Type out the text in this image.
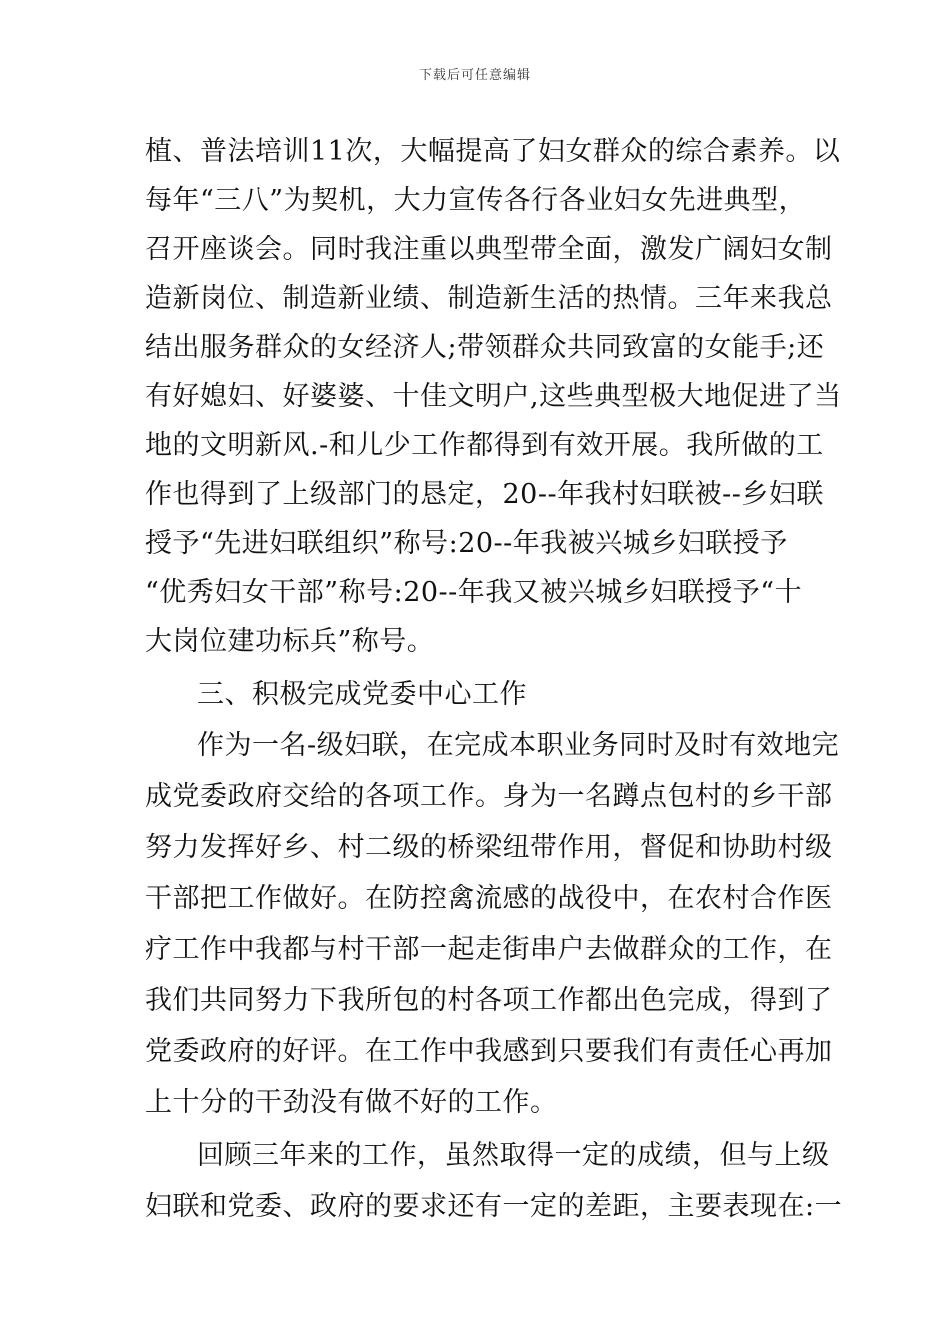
下载后可任意编辑
植、普法培训11次，大幅提高了妇女群众的综合素养。以
每年“三八”为契机，大力宣传各行各业妇女先进典型，
召开座谈会。同时我注重以典型带全面，激发广阔妇女制
造新岗位、制造新业绩、制造新生活的热情。三年来我总
结出服务群众的女经济人;带领群众共同致富的女能手;还
有好媳妇、好婆婆、十佳文明户,这些典型极大地促进了当
地的文明新风.-和儿少工作都得到有效开展。我所做的工
作也得到了上级部门的恳定，20--年我村妇联被--乡妇联
授予“先进妇联组织”称号:20--年我被兴城乡妇联授予
“优秀妇女干部”称号:20--年我又被兴城乡妇联授予“十
大岗位建功标兵”称号。
三、积极完成党委中心工作
作为一名-级妇联，在完成本职业务同时及时有效地完
成党委政府交给的各项工作。身为一名蹲点包村的乡干部
努力发挥好乡、村二级的桥梁纽带作用，督促和协助村级
干部把工作做好。在防控禽流感的战役中，在农村合作医
疗工作中我都与村干部一起走街串户去做群众的工作，在
我们共同努力下我所包的村各项工作都出色完成，得到了
党委政府的好评。在工作中我感到只要我们有责任心再加
上十分的干劲没有做不好的工作。
回顾三年来的工作，虽然取得一定的成绩，但与上级
妇联和党委、政府的要求还有一定的差距，主要表现在:一
